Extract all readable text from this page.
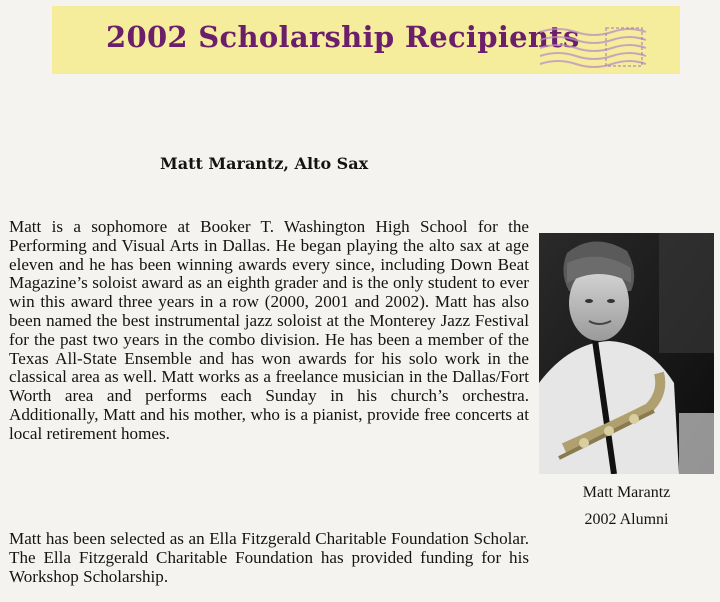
2002 Scholarship Recipients
Matt Marantz, Alto Sax

Matt is a sophomore at Booker T. Washington High School for the Performing and Visual Arts in Dallas. He began playing the alto sax at age eleven and he has been winning awards every since, including Down Beat Magazine’s soloist award as an eighth grader and is the only student to ever win this award three years in a row (2000, 2001 and 2002). Matt has also been named the best instrumental jazz soloist at the Monterey Jazz Festival for the past two years in the combo division. He has been a member of the Texas All-State Ensemble and has won awards for his solo work in the classical area as well. Matt works as a freelance musician in the Dallas/Fort Worth area and performs each Sunday in his church’s orchestra. Additionally, Matt and his mother, who is a pianist, provide free concerts at local retirement homes.

Matt Marantz
2002 Alumni

Matt has been selected as an Ella Fitzgerald Charitable Foundation Scholar. The Ella Fitzgerald Charitable Foundation has provided funding for his Workshop Scholarship.
